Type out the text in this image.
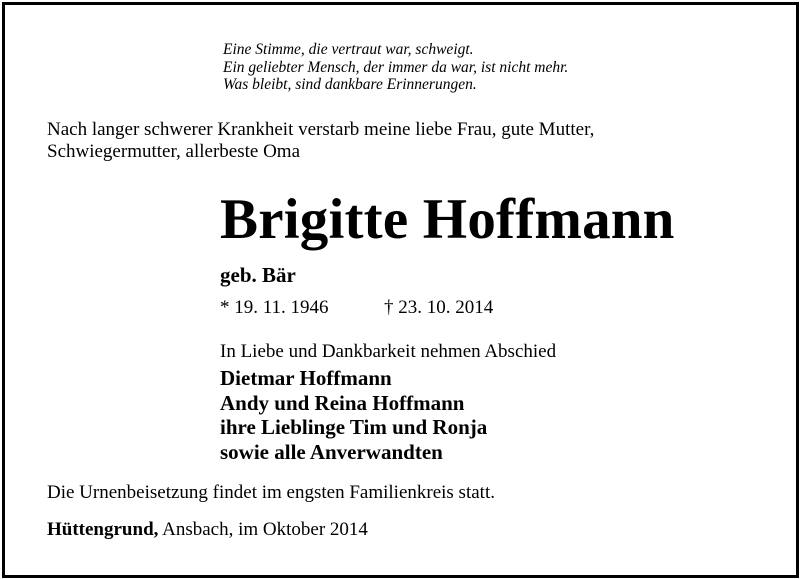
Eine Stimme, die vertraut war, schweigt.
Ein geliebter Mensch, der immer da war, ist nicht mehr.
Was bleibt, sind dankbare Erinnerungen.
Nach langer schwerer Krankheit verstarb meine liebe Frau, gute Mutter,
Schwiegermutter, allerbeste Oma
Brigitte Hoffmann
geb. Bär
* 19. 11. 1946	† 23. 10. 2014
In Liebe und Dankbarkeit nehmen Abschied
Dietmar Hoffmann
Andy und Reina Hoffmann
ihre Lieblinge Tim und Ronja
sowie alle Anverwandten
Die Urnenbeisetzung findet im engsten Familienkreis statt.
Hüttengrund, Ansbach, im Oktober 2014
